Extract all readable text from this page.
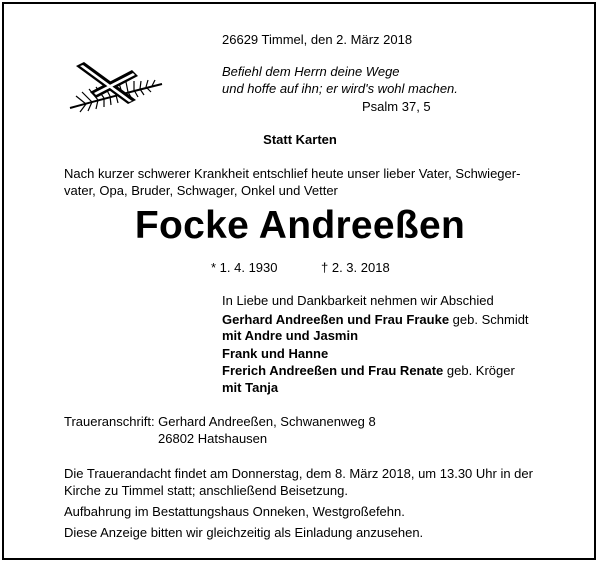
26629 Timmel, den 2. März 2018
Befiehl dem Herrn deine Wege
und hoffe auf ihn; er wird's wohl machen.
Psalm 37, 5
Statt Karten
Nach kurzer schwerer Krankheit entschlief heute unser lieber Vater, Schwieger-
vater, Opa, Bruder, Schwager, Onkel und Vetter
Focke Andreeßen
* 1. 4. 1930	† 2. 3. 2018
In Liebe und Dankbarkeit nehmen wir Abschied
Gerhard Andreeßen und Frau Frauke geb. Schmidt
mit Andre und Jasmin
Frank und Hanne
Frerich Andreeßen und Frau Renate geb. Kröger
mit Tanja
Traueranschrift: Gerhard Andreeßen, Schwanenweg 8
26802 Hatshausen
Die Trauerandacht findet am Donnerstag, dem 8. März 2018, um 13.30 Uhr in der
Kirche zu Timmel statt; anschließend Beisetzung.
Aufbahrung im Bestattungshaus Onneken, Westgroßefehn.
Diese Anzeige bitten wir gleichzeitig als Einladung anzusehen.
